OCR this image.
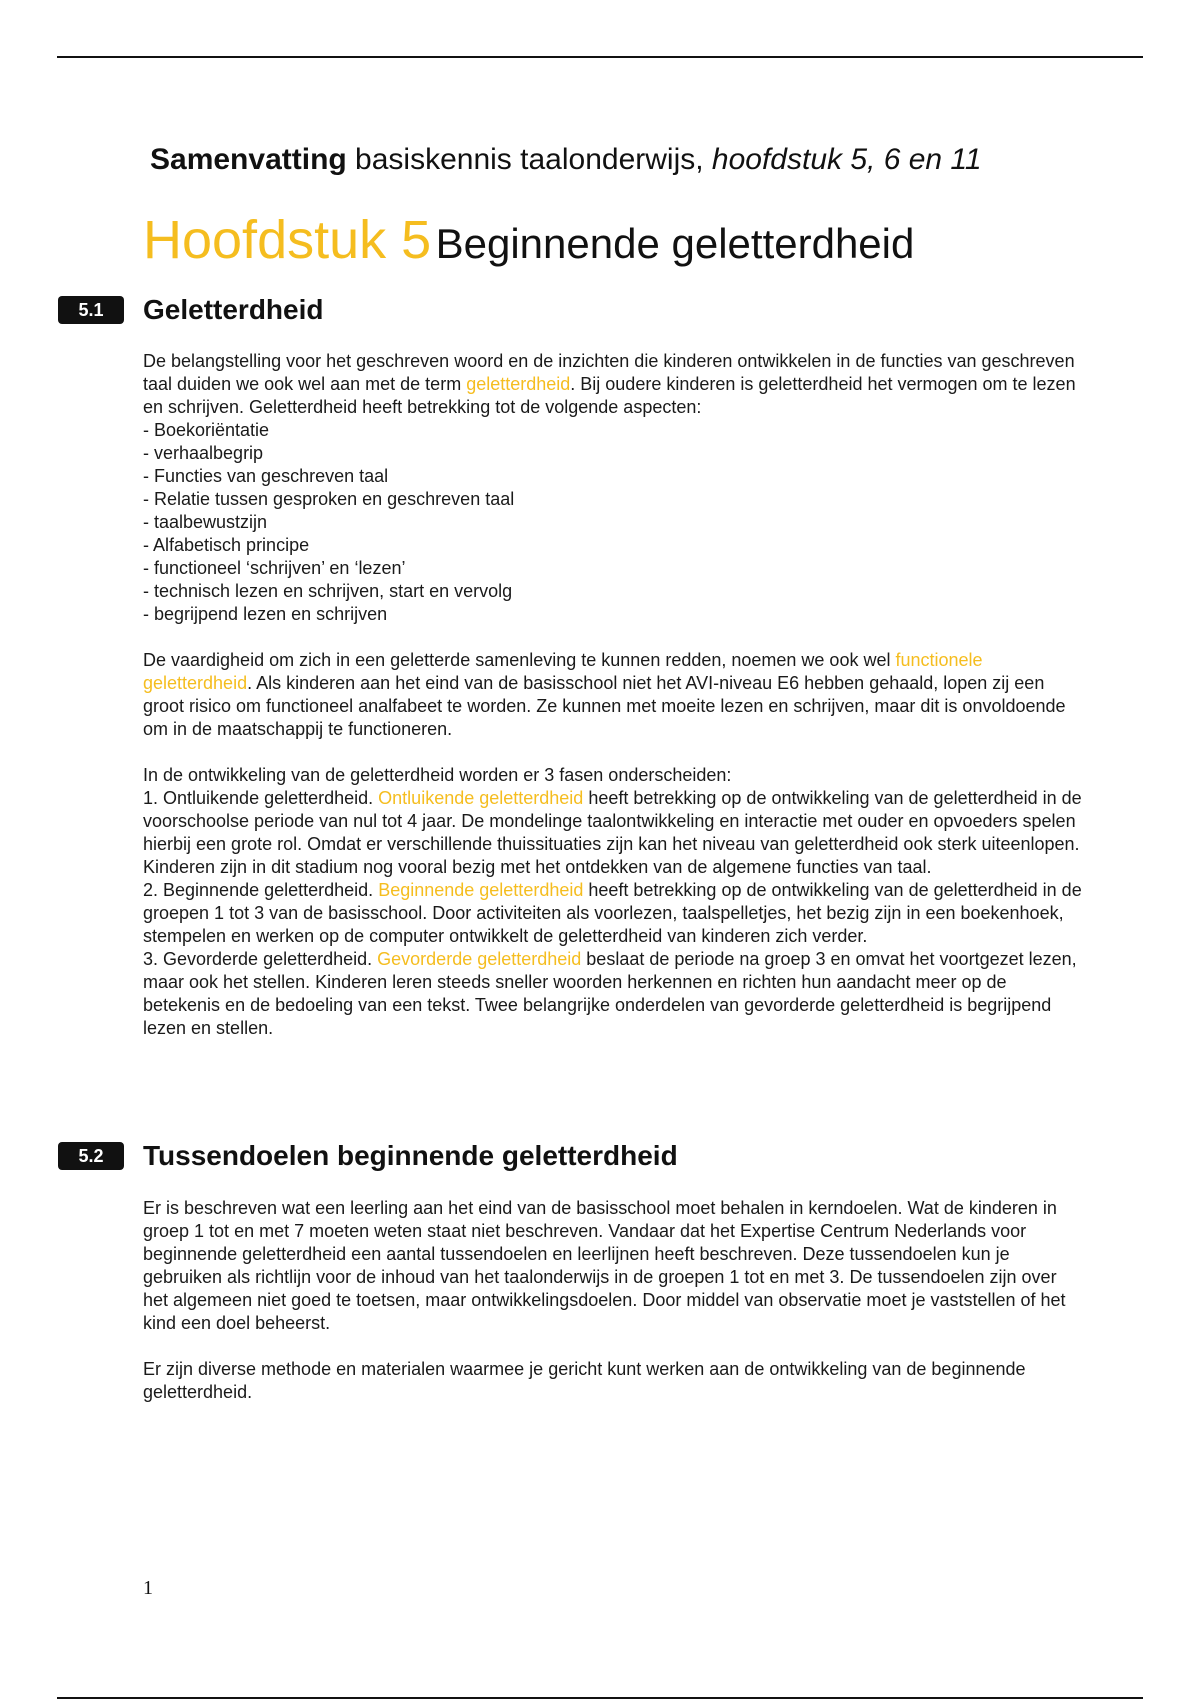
Samenvatting basiskennis taalonderwijs, hoofdstuk 5, 6 en 11
Hoofdstuk 5 Beginnende geletterdheid
5.1	Geletterdheid

De belangstelling voor het geschreven woord en de inzichten die kinderen ontwikkelen in de functies van geschreven taal duiden we ook wel aan met de term geletterdheid. Bij oudere kinderen is geletterdheid het vermogen om te lezen en schrijven. Geletterdheid heeft betrekking tot de volgende aspecten:

- Boekoriëntatie

- verhaalbegrip

- Functies van geschreven taal

- Relatie tussen gesproken en geschreven taal

- taalbewustzijn

- Alfabetisch principe

- functioneel ‘schrijven’ en ‘lezen’

- technisch lezen en schrijven, start en vervolg

- begrijpend lezen en schrijven

De vaardigheid om zich in een geletterde samenleving te kunnen redden, noemen we ook wel functionele geletterdheid. Als kinderen aan het eind van de basisschool niet het AVI-niveau E6 hebben gehaald, lopen zij een groot risico om functioneel analfabeet te worden. Ze kunnen met moeite lezen en schrijven, maar dit is onvoldoende om in de maatschappij te functioneren.

In de ontwikkeling van de geletterdheid worden er 3 fasen onderscheiden:

1. Ontluikende geletterdheid. Ontluikende geletterdheid heeft betrekking op de ontwikkeling van de geletterdheid in de voorschoolse periode van nul tot 4 jaar. De mondelinge taalontwikkeling en interactie met ouder en opvoeders spelen hierbij een grote rol. Omdat er verschillende thuissituaties zijn kan het niveau van geletterdheid ook sterk uiteenlopen. Kinderen zijn in dit stadium nog vooral bezig met het ontdekken van de algemene functies van taal.

2. Beginnende geletterdheid. Beginnende geletterdheid heeft betrekking op de ontwikkeling van de geletterdheid in de groepen 1 tot 3 van de basisschool. Door activiteiten als voorlezen, taalspelletjes, het bezig zijn in een boekenhoek, stempelen en werken op de computer ontwikkelt de geletterdheid van kinderen zich verder.

3. Gevorderde geletterdheid. Gevorderde geletterdheid beslaat de periode na groep 3 en omvat het voortgezet lezen, maar ook het stellen. Kinderen leren steeds sneller woorden herkennen en richten hun aandacht meer op de betekenis en de bedoeling van een tekst. Twee belangrijke onderdelen van gevorderde geletterdheid is begrijpend lezen en stellen.

5.2	Tussendoelen beginnende geletterdheid

Er is beschreven wat een leerling aan het eind van de basisschool moet behalen in kerndoelen. Wat de kinderen in groep 1 tot en met 7 moeten weten staat niet beschreven. Vandaar dat het Expertise Centrum Nederlands voor beginnende geletterdheid een aantal tussendoelen en leerlijnen heeft beschreven. Deze tussendoelen kun je gebruiken als richtlijn voor de inhoud van het taalonderwijs in de groepen 1 tot en met 3. De tussendoelen zijn over het algemeen niet goed te toetsen, maar ontwikkelingsdoelen. Door middel van observatie moet je vaststellen of het kind een doel beheerst.

Er zijn diverse methode en materialen waarmee je gericht kunt werken aan de ontwikkeling van de beginnende geletterdheid.

1
